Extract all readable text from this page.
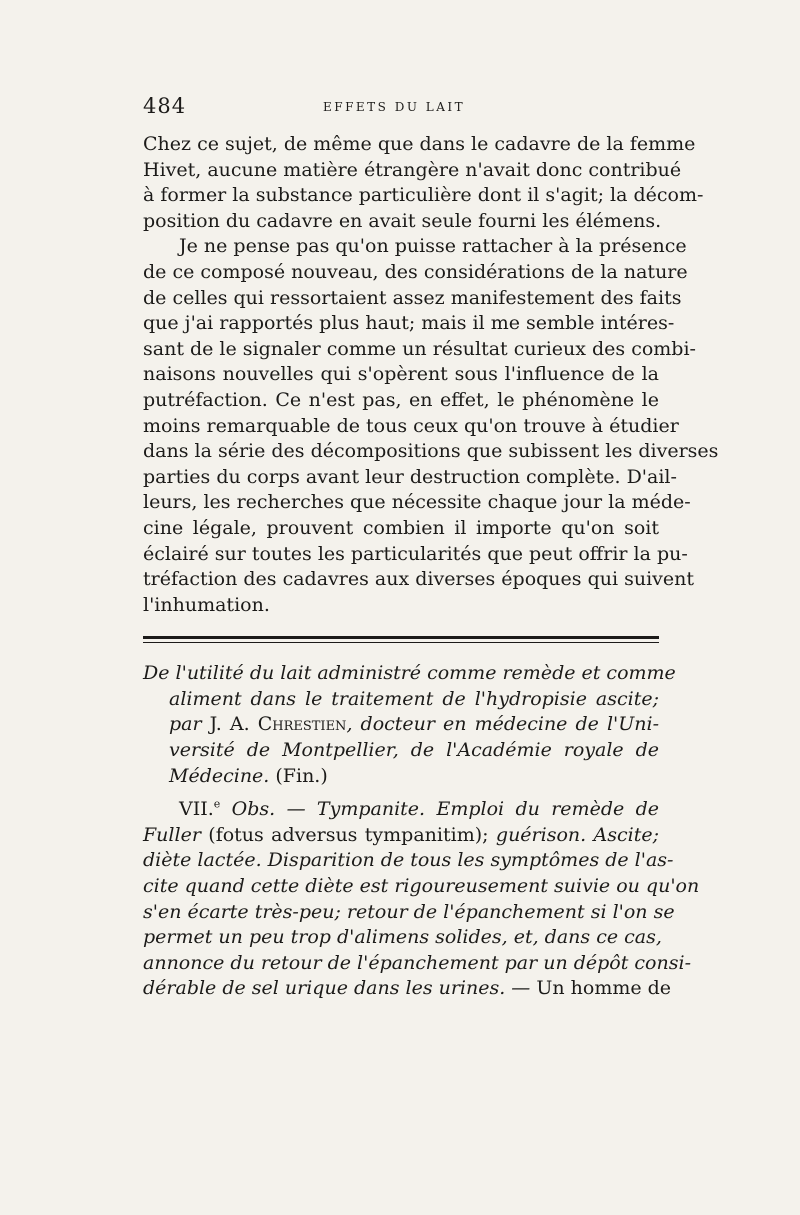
484	EFFETS DU LAIT
Chez ce sujet, de même que dans le cadavre de la femme
Hivet, aucune matière étrangère n'avait donc contribué
à former la substance particulière dont il s'agit; la décom-
position du cadavre en avait seule fourni les élémens.
Je ne pense pas qu'on puisse rattacher à la présence
de ce composé nouveau, des considérations de la nature
de celles qui ressortaient assez manifestement des faits
que j'ai rapportés plus haut; mais il me semble intéres-
sant de le signaler comme un résultat curieux des combi-
naisons nouvelles qui s'opèrent sous l'influence de la
putréfaction. Ce n'est pas, en effet, le phénomène le
moins remarquable de tous ceux qu'on trouve à étudier
dans la série des décompositions que subissent les diverses
parties du corps avant leur destruction complète. D'ail-
leurs, les recherches que nécessite chaque jour la méde-
cine légale, prouvent combien il importe qu'on soit
éclairé sur toutes les particularités que peut offrir la pu-
tréfaction des cadavres aux diverses époques qui suivent
l'inhumation.
De l'utilité du lait administré comme remède et comme
aliment dans le traitement de l'hydropisie ascite;
par J. A. Chrestien, docteur en médecine de l'Uni-
versité de Montpellier, de l'Académie royale de
Médecine. (Fin.)
VII.$^e$ Obs. — Tympanite. Emploi du remède de
Fuller (fotus adversus tympanitim); guérison. Ascite;
diète lactée. Disparition de tous les symptômes de l'as-
cite quand cette diète est rigoureusement suivie ou qu'on
s'en écarte très-peu; retour de l'épanchement si l'on se
permet un peu trop d'alimens solides, et, dans ce cas,
annonce du retour de l'épanchement par un dépôt consi-
dérable de sel urique dans les urines. — Un homme de
